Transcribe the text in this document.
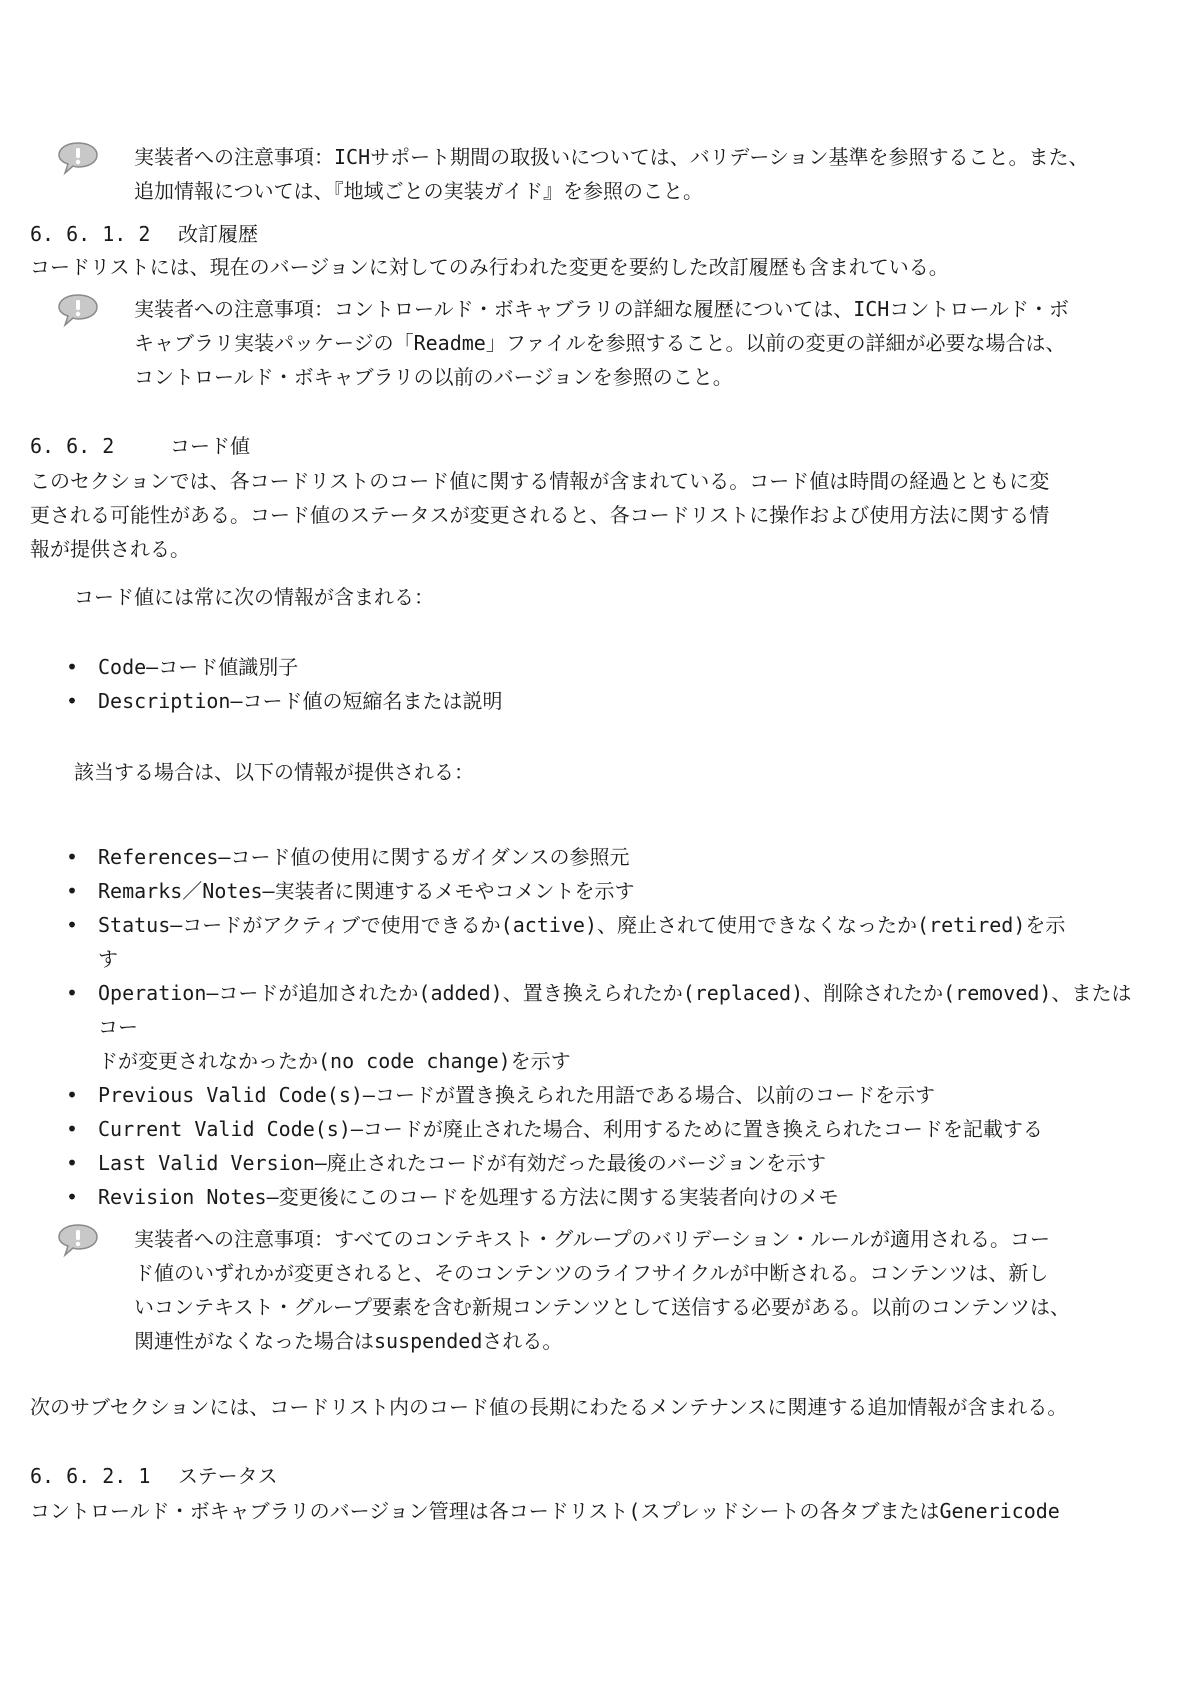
実装者への注意事項：ICHサポート期間の取扱いについては、バリデーション基準を参照すること。また、
追加情報については、『地域ごとの実装ガイド』を参照のこと。
6. 6. 1. 2 改訂履歴
コードリストには、現在のバージョンに対してのみ行われた変更を要約した改訂履歴も含まれている。
実装者への注意事項：コントロールド・ボキャブラリの詳細な履歴については、ICHコントロールド・ボ
キャブラリ実装パッケージの「Readme」ファイルを参照すること。以前の変更の詳細が必要な場合は、
コントロールド・ボキャブラリの以前のバージョンを参照のこと。
6. 6. 2	コード値
このセクションでは、各コードリストのコード値に関する情報が含まれている。コード値は時間の経過とともに変
更される可能性がある。コード値のステータスが変更されると、各コードリストに操作および使用方法に関する情
報が提供される。
コード値には常に次の情報が含まれる：
• Code—コード値識別子
• Description—コード値の短縮名または説明
該当する場合は、以下の情報が提供される：
• References—コード値の使用に関するガイダンスの参照元
• Remarks／Notes—実装者に関連するメモやコメントを示す
• Status—コードがアクティブで使用できるか(active)、廃止されて使用できなくなったか(retired)を示
す
• Operation—コードが追加されたか(added)、置き換えられたか(replaced)、削除されたか(removed)、またはコー
ドが変更されなかったか(no code change)を示す
• Previous Valid Code(s)—コードが置き換えられた用語である場合、以前のコードを示す
• Current Valid Code(s)—コードが廃止された場合、利用するために置き換えられたコードを記載する
• Last Valid Version—廃止されたコードが有効だった最後のバージョンを示す
• Revision Notes—変更後にこのコードを処理する方法に関する実装者向けのメモ
実装者への注意事項：すべてのコンテキスト・グループのバリデーション・ルールが適用される。コー
ド値のいずれかが変更されると、そのコンテンツのライフサイクルが中断される。コンテンツは、新し
いコンテキスト・グループ要素を含む新規コンテンツとして送信する必要がある。以前のコンテンツは、
関連性がなくなった場合はsuspendedされる。
次のサブセクションには、コードリスト内のコード値の長期にわたるメンテナンスに関連する追加情報が含まれる。
6. 6. 2. 1 ステータス
コントロールド・ボキャブラリのバージョン管理は各コードリスト(スプレッドシートの各タブまたはGenericode
